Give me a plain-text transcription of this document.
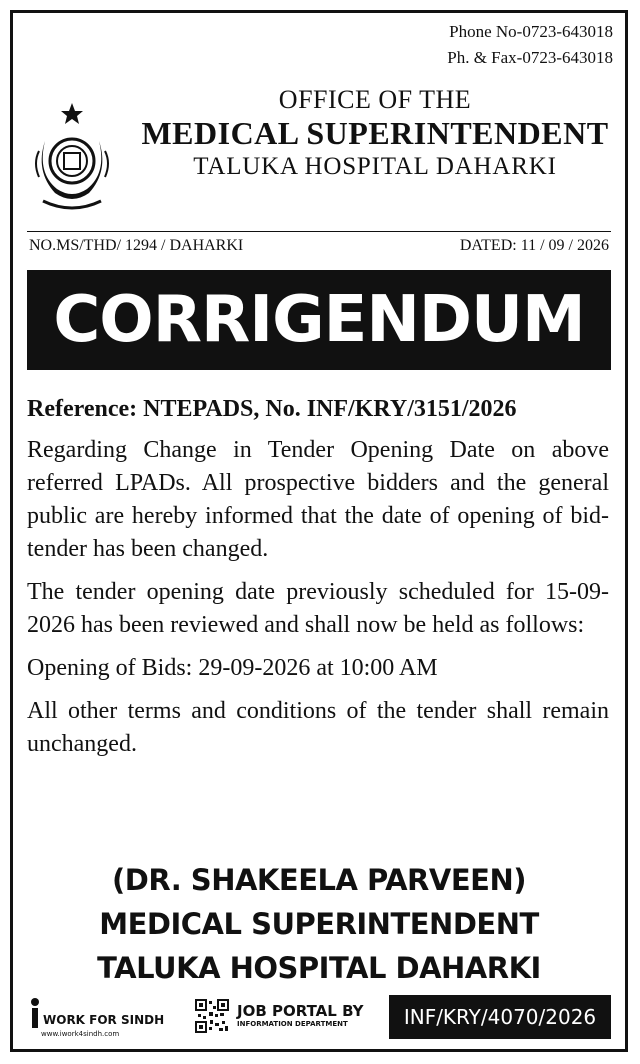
Phone No-0723-643018
Ph. & Fax-0723-643018
OFFICE OF THE
MEDICAL SUPERINTENDENT
TALUKA HOSPITAL DAHARKI
NO.MS/THD/ 1294 / DAHARKI	DATED: 11 / 09 / 2026
CORRIGENDUM

Reference: NTEPADS, No. INF/KRY/3151/2026

Regarding Change in Tender Opening Date on above referred LPADs. All prospective bidders and the general public are hereby informed that the date of opening of bid-tender has been changed.

The tender opening date previously scheduled for 15-09-2026 has been reviewed and shall now be held as follows:

Opening of Bids: 29-09-2026 at 10:00 AM

All other terms and conditions of the tender shall remain unchanged.

(DR. SHAKEELA PARVEEN)
MEDICAL SUPERINTENDENT
TALUKA HOSPITAL DAHARKI
WORK FOR SINDH
www.iwork4sindh.com
JOB PORTAL BY
INFORMATION DEPARTMENT	INF/KRY/4070/2026
